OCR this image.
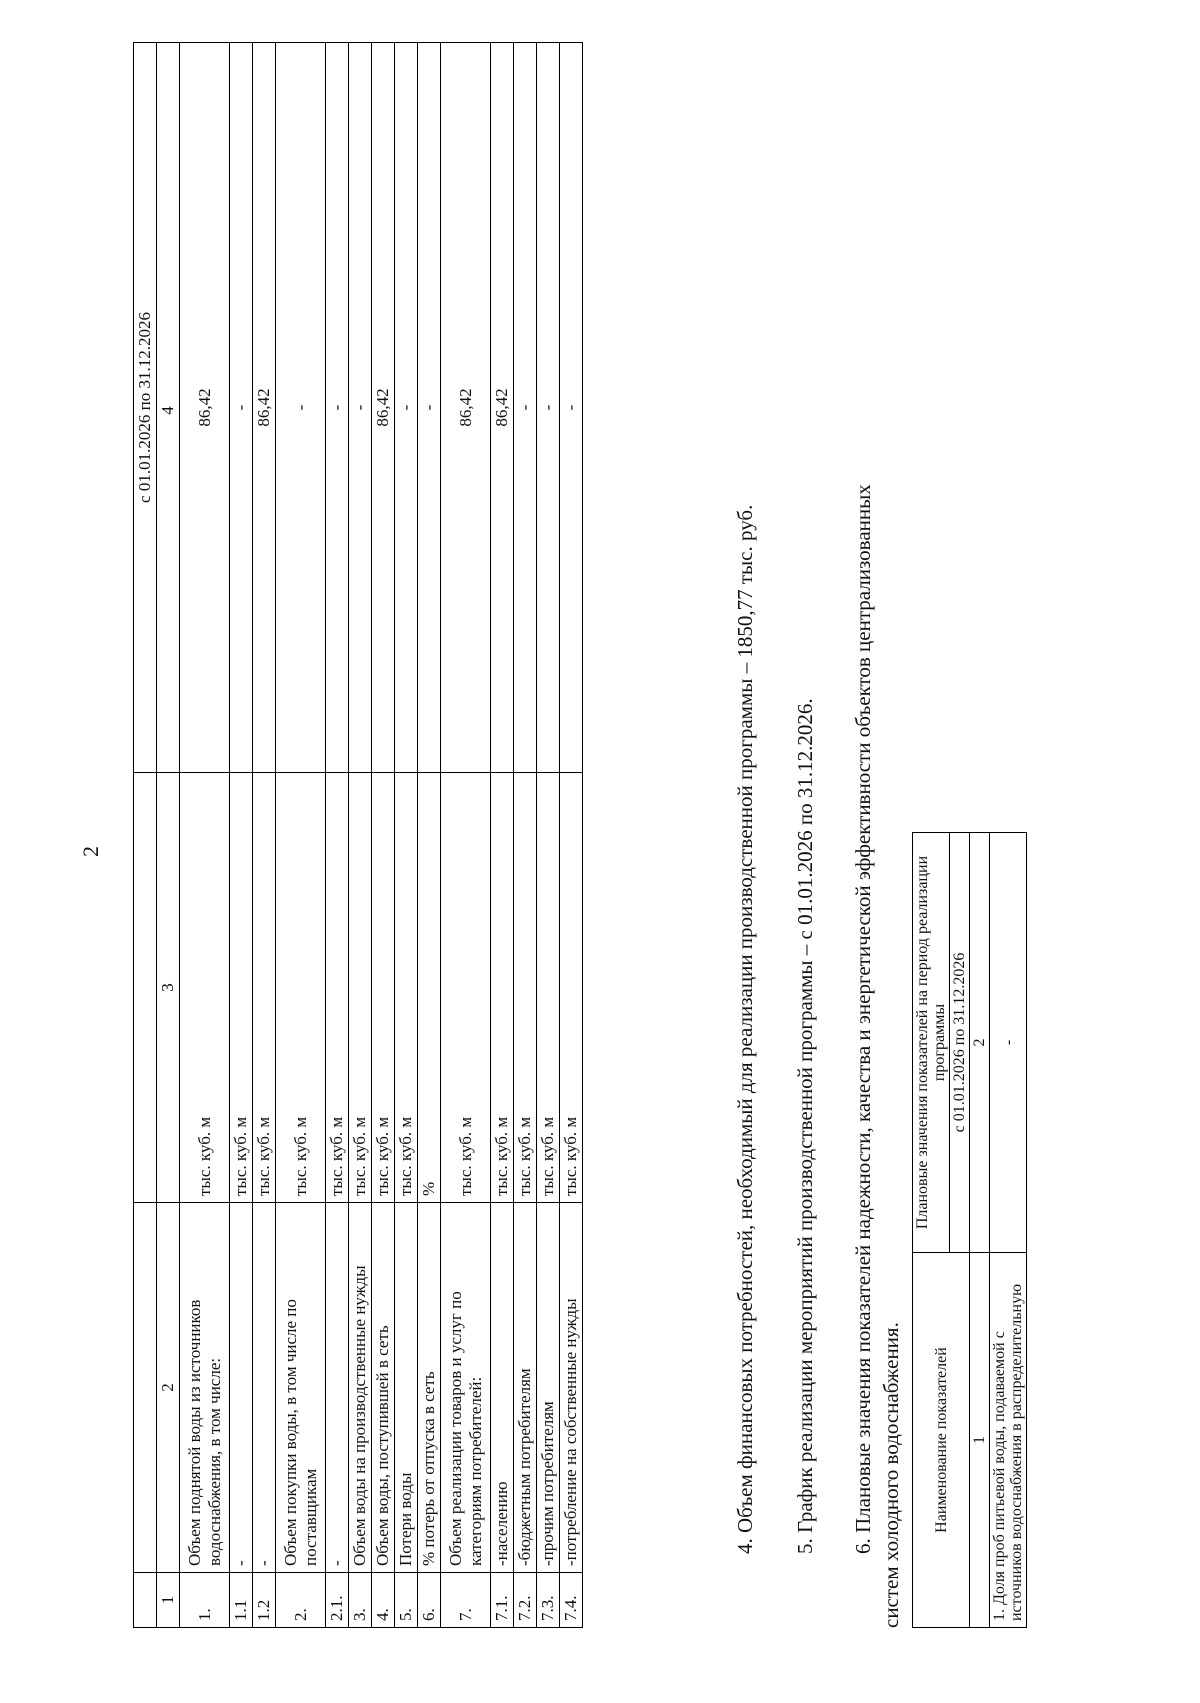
2
			с 01.01.2026 по 31.12.2026
1	2	3	4
1.	Объем поднятой воды из источников водоснабжения, в том числе:	тыс. куб. м	86,42
1.1	-	тыс. куб. м	-
1.2	-	тыс. куб. м	86,42
2.	Объем покупки воды, в том числе по поставщикам	тыс. куб. м	-
2.1.	-	тыс. куб. м	-
3.	Объем воды на производственные нужды	тыс. куб. м	-
4.	Объем воды, поступившей в сеть	тыс. куб. м	86,42
5.	Потери воды	тыс. куб. м	-
6.	% потерь от отпуска в сеть	%	-
7.	Объем реализации товаров и услуг по категориям потребителей:	тыс. куб. м	86,42
7.1.	-населению	тыс. куб. м	86,42
7.2.	-бюджетным потребителям	тыс. куб. м	-
7.3.	-прочим потребителям	тыс. куб. м	-
7.4.	-потребление на собственные нужды	тыс. куб. м	-
4. Объем финансовых потребностей, необходимый для реализации производственной программы – 1850,77 тыс. руб. 5. График реализации мероприятий производственной программы – с 01.01.2026 по 31.12.2026. 6. Плановые значения показателей надежности, качества и энергетической эффективности объектов централизованных систем холодного водоснабжения. Наименование показателей	Плановые значения показателей на период реализации программы
	с 01.01.2026 по 31.12.2026
1	2

1. Доля проб питьевой воды, подаваемой с источников водоснабжения в распределительную	-
